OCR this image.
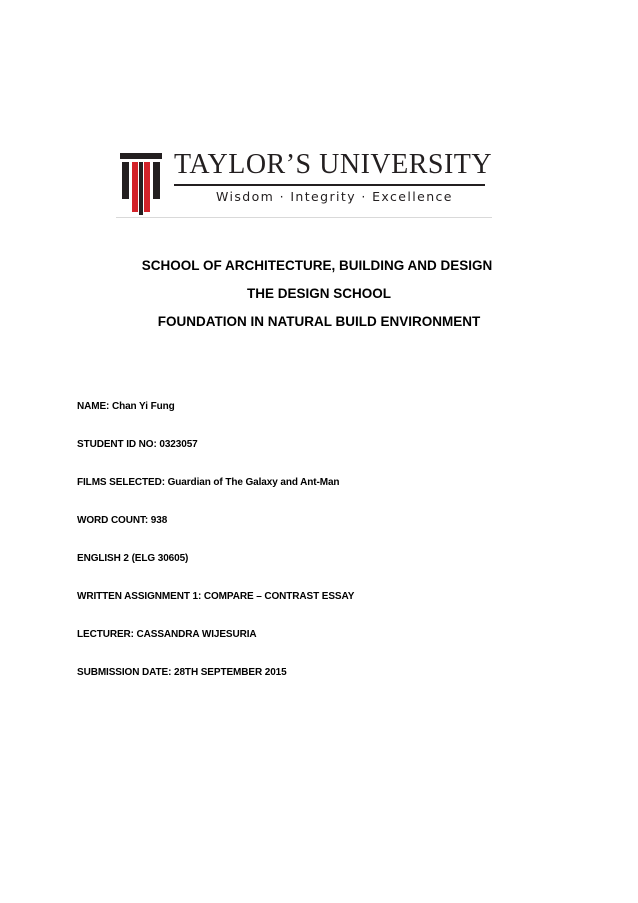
TAYLOR’S UNIVERSITY
Wisdom · Integrity · Excellence
SCHOOL OF ARCHITECTURE, BUILDING AND DESIGN
THE DESIGN SCHOOL
FOUNDATION IN NATURAL BUILD ENVIRONMENT
NAME: Chan Yi Fung
STUDENT ID NO: 0323057
FILMS SELECTED: Guardian of The Galaxy and Ant-Man
WORD COUNT: 938
ENGLISH 2 (ELG 30605)
WRITTEN ASSIGNMENT 1: COMPARE – CONTRAST ESSAY
LECTURER: CASSANDRA WIJESURIA
SUBMISSION DATE: 28TH SEPTEMBER 2015
